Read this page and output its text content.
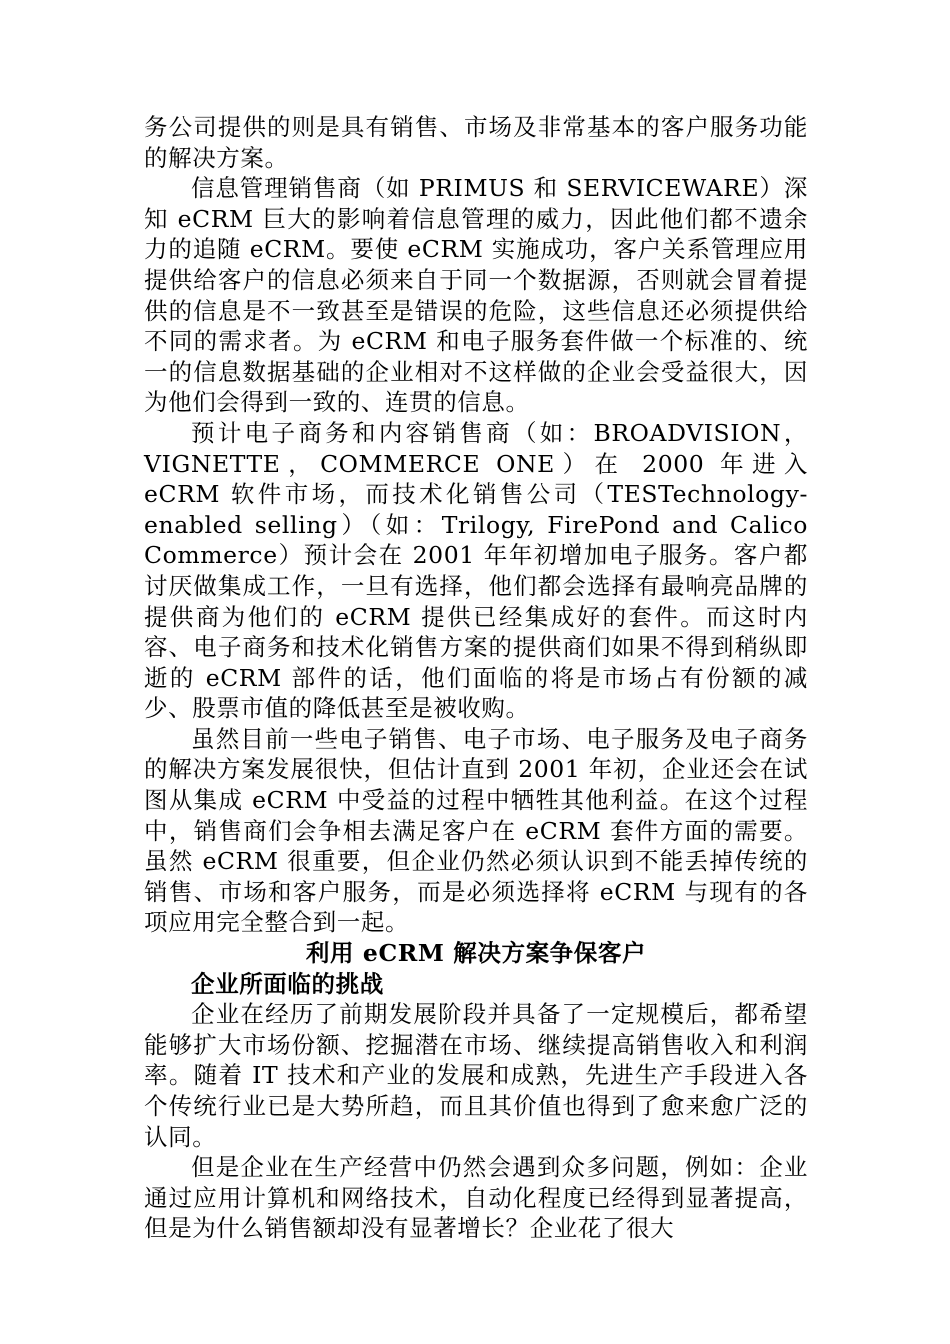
务公司提供的则是具有销售、市场及非常基本的客户服务功能的解决方案。

信息管理销售商（如 PRIMUS 和 SERVICEWARE）深知 eCRM 巨大的影响着信息管理的威力，因此他们都不遗余力的追随 eCRM。要使 eCRM 实施成功，客户关系管理应用提供给客户的信息必须来自于同一个数据源，否则就会冒着提供的信息是不一致甚至是错误的危险，这些信息还必须提供给不同的需求者。为 eCRM 和电子服务套件做一个标准的、统一的信息数据基础的企业相对不这样做的企业会受益很大，因为他们会得到一致的、连贯的信息。

预计电子商务和内容销售商（如：BROADVISION，VIGNETTE，COMMERCE ONE）在 2000 年进入 eCRM 软件市场，而技术化销售公司（TESTechnology-enabled selling）（如：Trilogy, FirePond and Calico Commerce）预计会在 2001 年年初增加电子服务。客户都讨厌做集成工作，一旦有选择，他们都会选择有最响亮品牌的提供商为他们的 eCRM 提供已经集成好的套件。而这时内容、电子商务和技术化销售方案的提供商们如果不得到稍纵即逝的 eCRM 部件的话，他们面临的将是市场占有份额的减少、股票市值的降低甚至是被收购。

虽然目前一些电子销售、电子市场、电子服务及电子商务的解决方案发展很快，但估计直到 2001 年初，企业还会在试图从集成 eCRM 中受益的过程中牺牲其他利益。在这个过程中，销售商们会争相去满足客户在 eCRM 套件方面的需要。虽然 eCRM 很重要，但企业仍然必须认识到不能丢掉传统的销售、市场和客户服务，而是必须选择将 eCRM 与现有的各项应用完全整合到一起。

利用 eCRM 解决方案争保客户

企业所面临的挑战

企业在经历了前期发展阶段并具备了一定规模后，都希望能够扩大市场份额、挖掘潜在市场、继续提高销售收入和利润率。随着 IT 技术和产业的发展和成熟，先进生产手段进入各个传统行业已是大势所趋，而且其价值也得到了愈来愈广泛的认同。

但是企业在生产经营中仍然会遇到众多问题，例如：企业通过应用计算机和网络技术，自动化程度已经得到显著提高，但是为什么销售额却没有显著增长？企业花了很大
